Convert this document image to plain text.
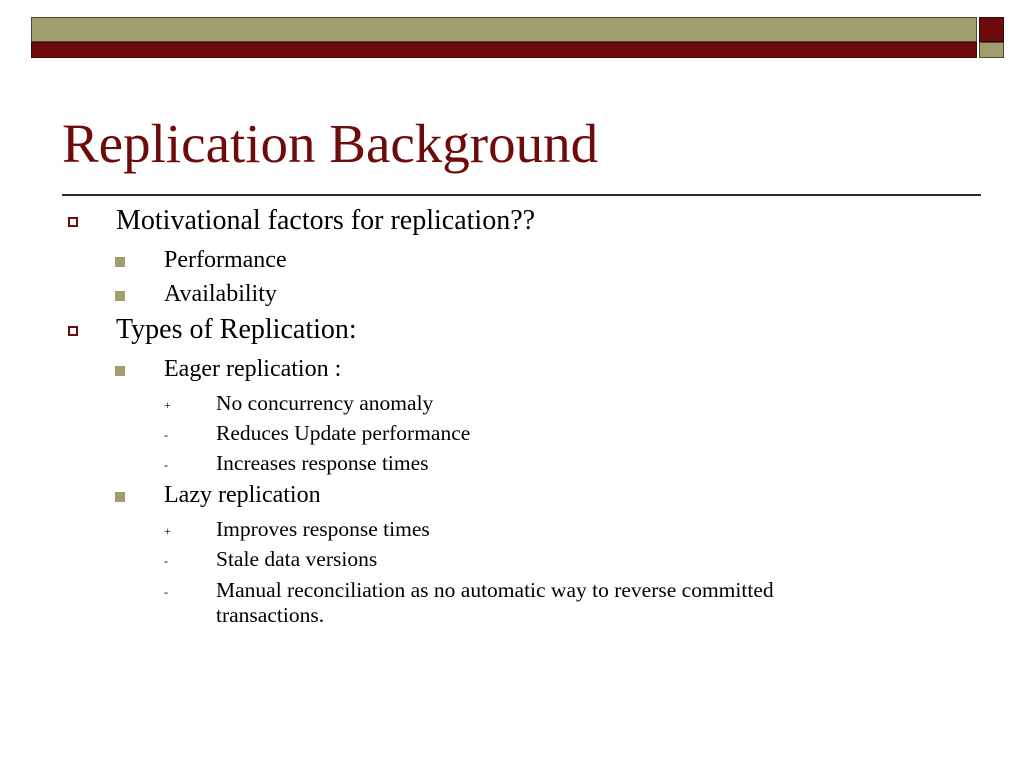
Replication Background
Motivational factors for replication??
Performance
Availability
Types of Replication:
Eager replication :
+ No concurrency anomaly
- Reduces Update performance
- Increases response times
Lazy replication
+ Improves response times
- Stale data versions
- Manual reconciliation as no automatic way to reverse committed
transactions.
